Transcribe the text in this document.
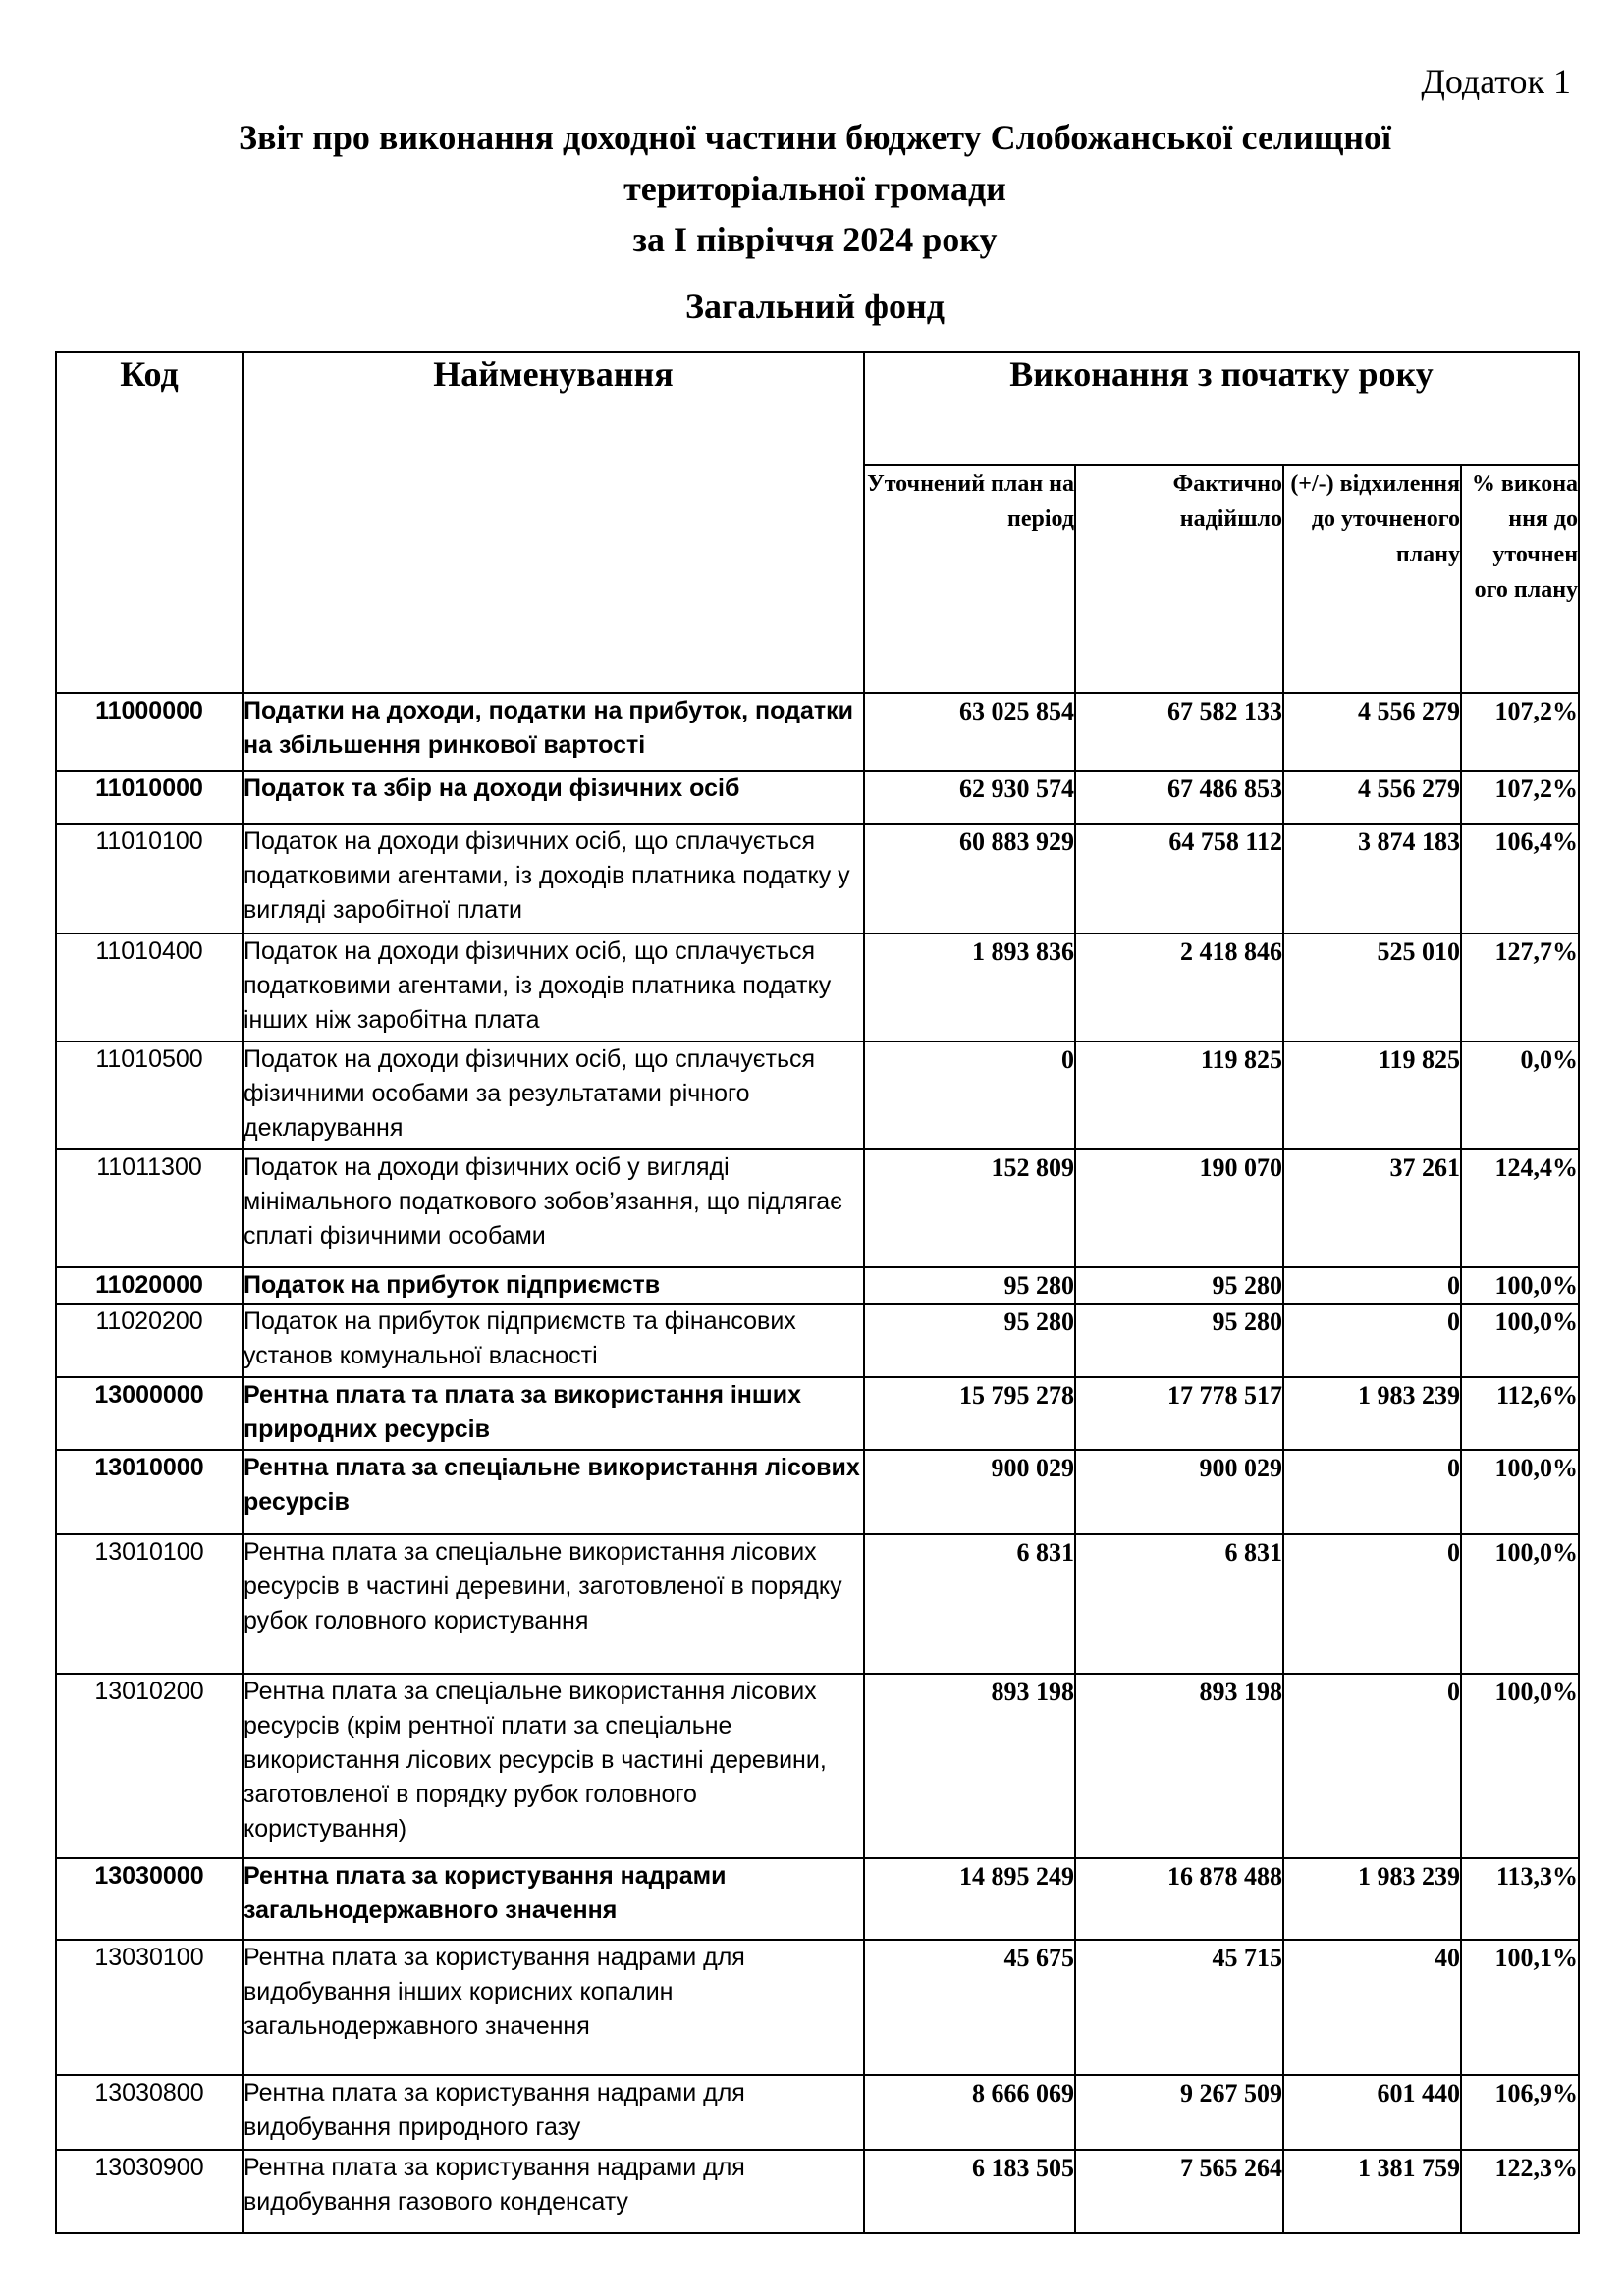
Додаток 1
Звіт про виконання доходної частини бюджету Слобожанської селищної
територіальної громади
за I півріччя 2024 року
Загальний фонд
Код	Найменування	Виконання з початку року			
		Уточнений план на період	Фактично надійшло	(+/-) відхилення до уточненого плану	% викона ння до уточнен ого плану
11000000	Податки на доходи, податки на прибуток, податки на збільшення ринкової вартості	63 025 854	67 582 133	4 556 279	107,2%
11010000	Податок та збір на доходи фізичних осіб	62 930 574	67 486 853	4 556 279	107,2%
11010100	Податок на доходи фізичних осіб, що сплачується податковими агентами, із доходів платника податку у вигляді заробітної плати	60 883 929	64 758 112	3 874 183	106,4%
11010400	Податок на доходи фізичних осіб, що сплачується податковими агентами, із доходів платника податку інших ніж заробітна плата	1 893 836	2 418 846	525 010	127,7%
11010500	Податок на доходи фізичних осіб, що сплачується фізичними особами за результатами річного декларування	0	119 825	119 825	0,0%
11011300	Податок на доходи фізичних осіб у вигляді мінімального податкового зобов’язання, що підлягає сплаті фізичними особами	152 809	190 070	37 261	124,4%
11020000	Податок на прибуток підприємств	95 280	95 280	0	100,0%
11020200	Податок на прибуток підприємств та фінансових установ комунальної власності	95 280	95 280	0	100,0%
13000000	Рентна плата та плата за використання інших природних ресурсів	15 795 278	17 778 517	1 983 239	112,6%
13010000	Рентна плата за спеціальне використання лісових ресурсів	900 029	900 029	0	100,0%
13010100	Рентна плата за спеціальне використання лісових ресурсів в частині деревини, заготовленої в порядку рубок головного користування	6 831	6 831	0	100,0%
13010200	Рентна плата за спеціальне використання лісових ресурсів (крім рентної плати за спеціальне використання лісових ресурсів в частині деревини, заготовленої в порядку рубок головного користування)	893 198	893 198	0	100,0%
13030000	Рентна плата за користування надрами загальнодержавного значення	14 895 249	16 878 488	1 983 239	113,3%
13030100	Рентна плата за користування надрами для видобування інших корисних копалин загальнодержавного значення	45 675	45 715	40	100,1%
13030800	Рентна плата за користування надрами для видобування природного газу	8 666 069	9 267 509	601 440	106,9%
13030900	Рентна плата за користування надрами для видобування газового конденсату	6 183 505	7 565 264	1 381 759	122,3%
